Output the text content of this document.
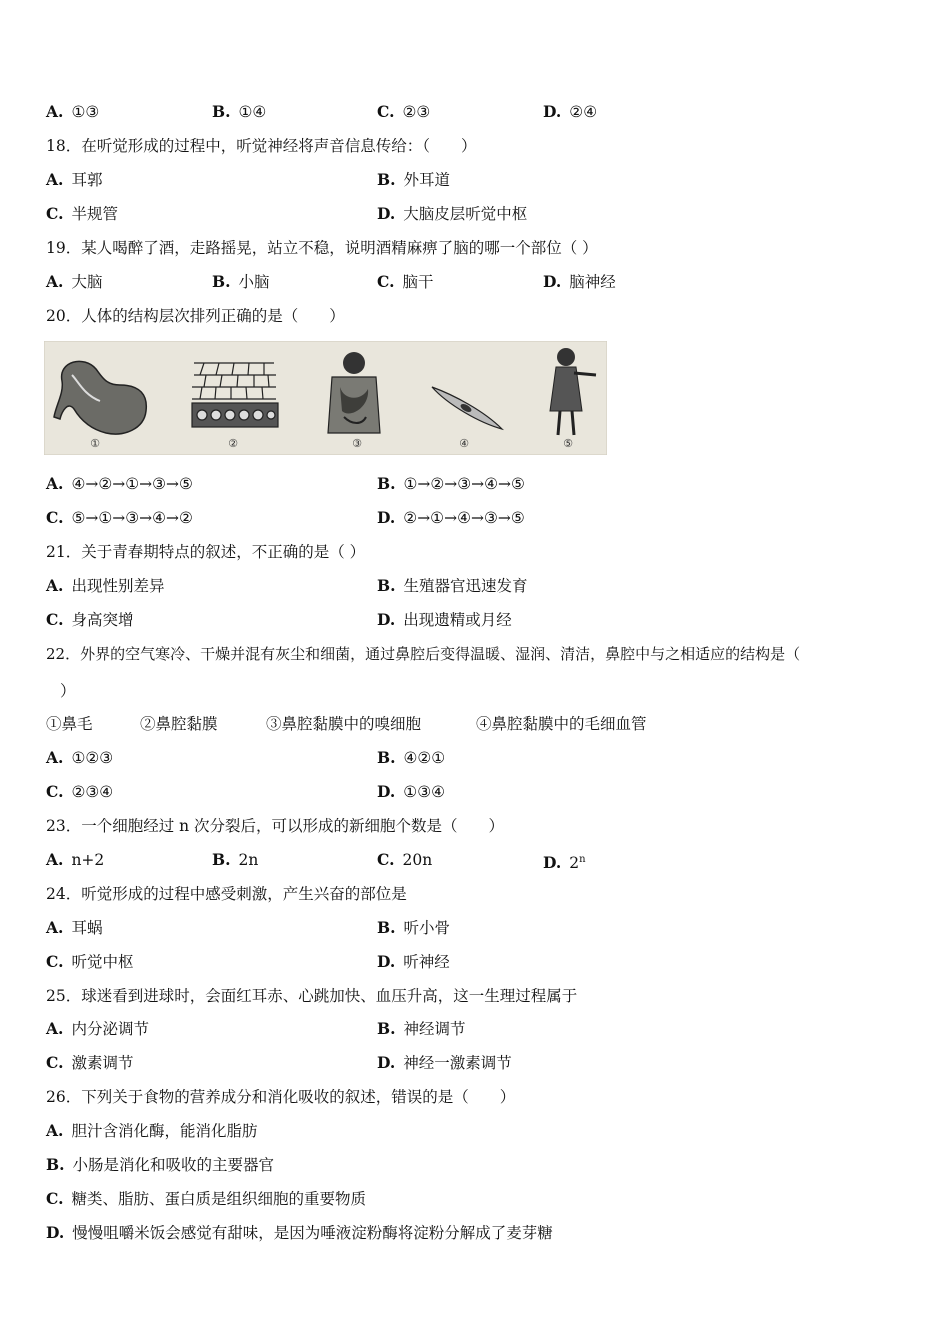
A. ①③	B. ①④	C. ②③	D. ②④
18．在听觉形成的过程中，听觉神经将声音信息传给：（　　）
A. 耳郭	B. 外耳道
C. 半规管	D. 大脑皮层听觉中枢
19．某人喝醉了酒，走路摇晃，站立不稳，说明酒精麻痹了脑的哪一个部位（ ）
A. 大脑	B. 小脑	C. 脑干	D. 脑神经
20．人体的结构层次排列正确的是（　　）
①	②	③	④	⑤
A. ④→②→①→③→⑤	B. ①→②→③→④→⑤
C. ⑤→①→③→④→②	D. ②→①→④→③→⑤
21．关于青春期特点的叙述，不正确的是（ ）
A. 出现性别差异	B. 生殖器官迅速发育
C. 身高突增	D. 出现遗精或月经
22．外界的空气寒冷、干燥并混有灰尘和细菌，通过鼻腔后变得温暖、湿润、清洁，鼻腔中与之相适应的结构是（
）
①鼻毛	②鼻腔黏膜	③鼻腔黏膜中的嗅细胞	④鼻腔黏膜中的毛细血管
A. ①②③	B. ④②①
C. ②③④	D. ①③④
23．一个细胞经过 n 次分裂后，可以形成的新细胞个数是（　　）
A. n+2	B. 2n	C. 20n	D. 2$^n$
24．听觉形成的过程中感受刺激，产生兴奋的部位是
A. 耳蜗	B. 听小骨
C. 听觉中枢	D. 听神经
25．球迷看到进球时，会面红耳赤、心跳加快、血压升高，这一生理过程属于
A. 内分泌调节	B. 神经调节
C. 激素调节	D. 神经一激素调节
26．下列关于食物的营养成分和消化吸收的叙述，错误的是（　　）
A. 胆汁含消化酶，能消化脂肪
B. 小肠是消化和吸收的主要器官
C. 糖类、脂肪、蛋白质是组织细胞的重要物质
D. 慢慢咀嚼米饭会感觉有甜味，是因为唾液淀粉酶将淀粉分解成了麦芽糖
